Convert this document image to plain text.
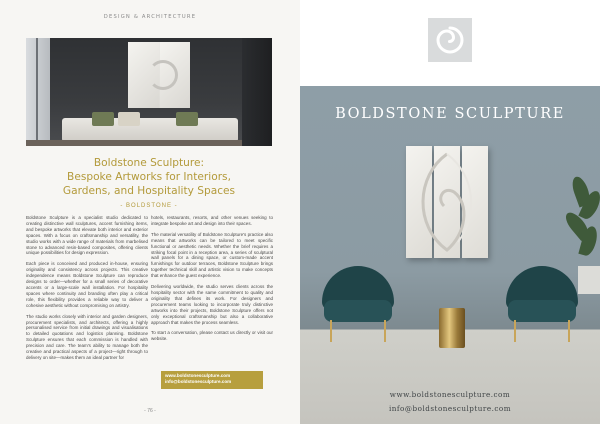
DESIGN & ARCHITECTURE
Boldstone Sculpture:
Bespoke Artworks for Interiors,
Gardens, and Hospitality Spaces
- BOLDSTONE -

Boldstone Sculpture is a specialist studio dedicated to creating distinctive wall sculptures, accent furnishing items, and bespoke artworks that elevate both interior and exterior spaces. With a focus on craftsmanship and versatility, the studio works with a wide range of materials from marbelised stone to advanced resin-based composites, offering clients unique possibilities for design expression.

Each piece is conceived and produced in-house, ensuring originality and consistency across projects. This creative independence means Boldstone Sculpture can reproduce designs to order—whether for a small series of decorative accents or a large-scale wall installation. For hospitality spaces where continuity and branding often play a critical role, this flexibility provides a reliable way to deliver a cohesive aesthetic without compromising on artistry.

The studio works closely with interior and garden designers, procurement specialists, and architects, offering a highly personalised service from initial drawings and visualisations to detailed quotations and logistics planning. Boldstone Sculpture ensures that each commission is handled with precision and care. The team's ability to manage both the creative and practical aspects of a project—right through to delivery on site—makes them an ideal partner for

hotels, restaurants, resorts, and other venues seeking to integrate bespoke art and design into their spaces.

The material versatility of Boldstone Sculpture's practice also means that artworks can be tailored to meet specific functional or aesthetic needs. Whether the brief requires a striking focal point in a reception area, a series of sculptural wall panels for a dining space, or custom-made accent furnishings for outdoor terraces, Boldstone Sculpture brings together technical skill and artistic vision to make concepts that enhance the guest experience.

Delivering worldwide, the studio serves clients across the hospitality sector with the same commitment to quality and originality that defines its work. For designers and procurement teams looking to incorporate truly distinctive artworks into their projects, Boldstone Sculpture offers not only exceptional craftsmanship but also a collaborative approach that makes the process seamless.

To start a conversation, please contact us directly or visit our website.

www.boldstonesculpture.com
info@boldstonesculpture.com
- 76 -
BOLDSTONE SCULPTURE
www.boldstonesculpture.com
info@boldstonesculpture.com
